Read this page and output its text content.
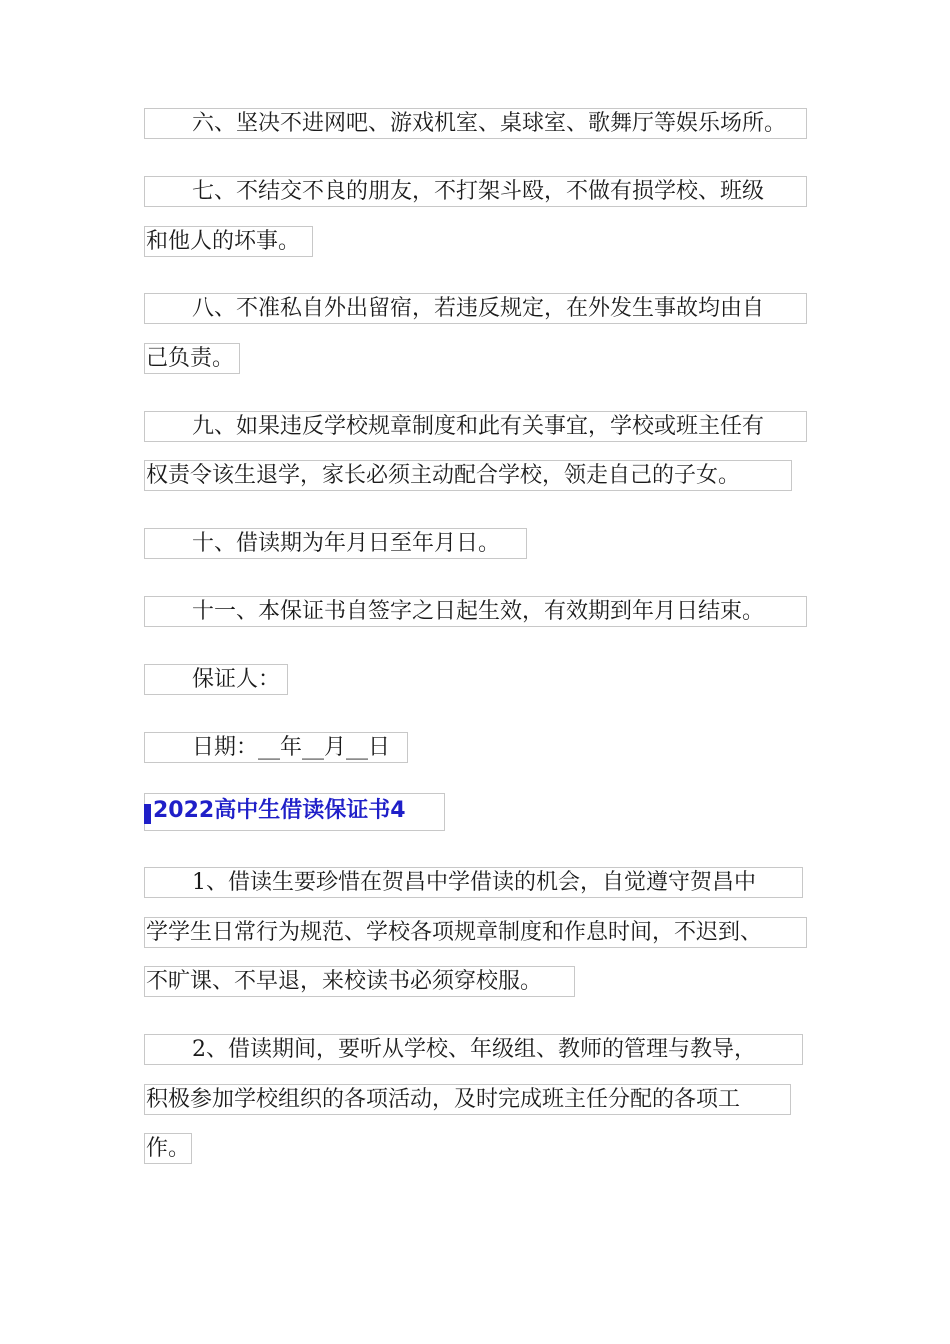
六、坚决不进网吧、游戏机室、桌球室、歌舞厅等娱乐场所。
七、不结交不良的朋友，不打架斗殴，不做有损学校、班级
和他人的坏事。
八、不准私自外出留宿，若违反规定，在外发生事故均由自
己负责。
九、如果违反学校规章制度和此有关事宜，学校或班主任有
权责令该生退学，家长必须主动配合学校，领走自己的子女。
十、借读期为年月日至年月日。
十一、本保证书自签字之日起生效，有效期到年月日结束。
保证人：
日期：__年__月__日
2022高中生借读保证书4
1、借读生要珍惜在贺昌中学借读的机会，自觉遵守贺昌中
学学生日常行为规范、学校各项规章制度和作息时间，不迟到、
不旷课、不早退，来校读书必须穿校服。
2、借读期间，要听从学校、年级组、教师的管理与教导，
积极参加学校组织的各项活动，及时完成班主任分配的各项工
作。
